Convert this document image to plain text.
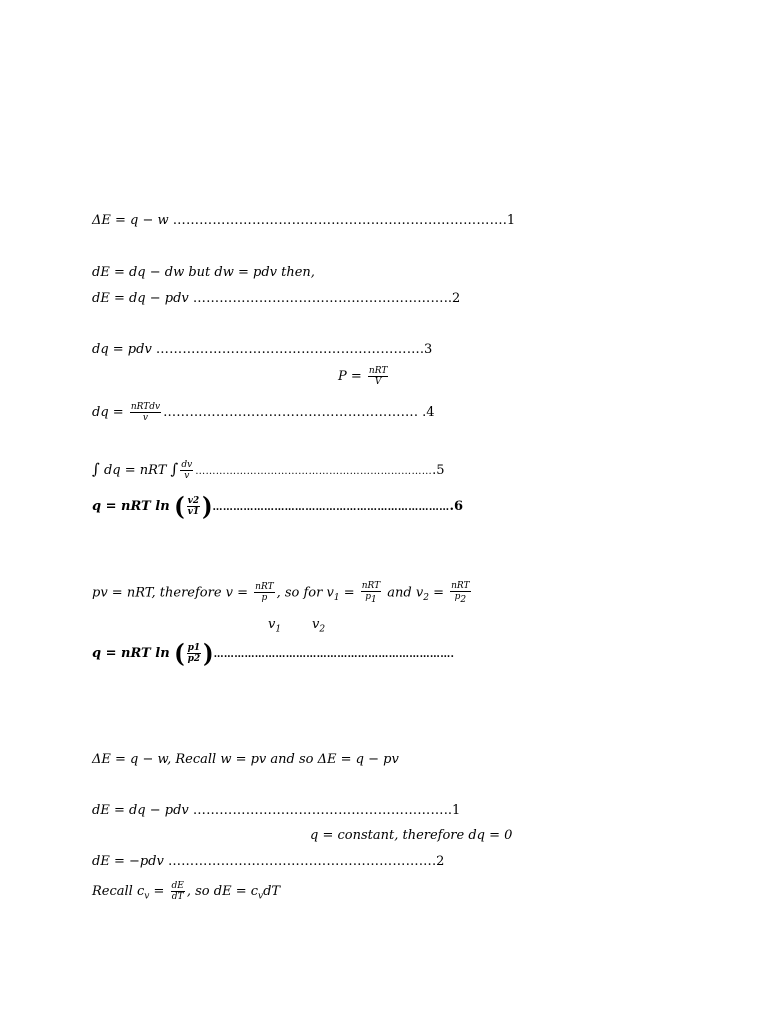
ΔE = q − w ………………………………………………………………….1
dE = dq − dw but dw = pdv then,
dE = dq − pdv …………………………………………………..2
dq = pdv …………………………………………………….3
$P = \frac{\text{nRT}}{V}$
dq = $\frac{\text{nRTdv}}{v}$ …………………………………………………. .4
∫ dq = nRT ∫ $\frac{dv}{v}$ …………………………………………………………….5
q = nRT ln ( $\frac{v2}{v1}$ )…………………………………………………………….6
pv = nRT, therefore $v = \frac{\text{nRT}}{p}$ , so for $v_1 = \frac{\text{nRT}}{p_1}$ and $v_2 = \frac{\text{nRT}}{p_2}$
$v_1$ $v_2$
q = nRT ln ( $\frac{p1}{p2}$ )…………………………………………………………….
ΔE = q − w, Recall w = pv and so ΔE = q − pv
dE = dq − pdv …………………………………………………..1
q = constant, therefore dq = 0
dE = −pdv …………………………………………………….2
Recall $c_v = \frac{dE}{dT}$ , so dE = $c_vdT$
